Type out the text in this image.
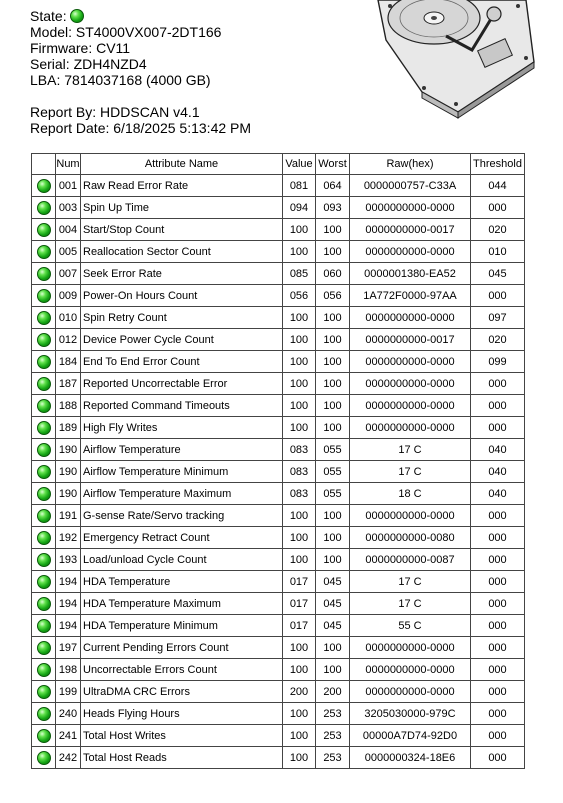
State:
Model: ST4000VX007-2DT166
Firmware: CV11
Serial: ZDH4NZD4
LBA: 7814037168 (4000 GB)
Report By: HDDSCAN v4.1
Report Date: 6/18/2025 5:13:42 PM
	Num	Attribute Name	Value	Worst	Raw(hex)	Threshold
	001	Raw Read Error Rate	081	064	0000000757-C33A	044
	003	Spin Up Time	094	093	0000000000-0000	000
	004	Start/Stop Count	100	100	0000000000-0017	020
	005	Reallocation Sector Count	100	100	0000000000-0000	010
	007	Seek Error Rate	085	060	0000001380-EA52	045
	009	Power-On Hours Count	056	056	1A772F0000-97AA	000
	010	Spin Retry Count	100	100	0000000000-0000	097
	012	Device Power Cycle Count	100	100	0000000000-0017	020
	184	End To End Error Count	100	100	0000000000-0000	099
	187	Reported Uncorrectable Error	100	100	0000000000-0000	000
	188	Reported Command Timeouts	100	100	0000000000-0000	000
	189	High Fly Writes	100	100	0000000000-0000	000
	190	Airflow Temperature	083	055	17 C	040
	190	Airflow Temperature Minimum	083	055	17 C	040
	190	Airflow Temperature Maximum	083	055	18 C	040
	191	G-sense Rate/Servo tracking	100	100	0000000000-0000	000
	192	Emergency Retract Count	100	100	0000000000-0080	000
	193	Load/unload Cycle Count	100	100	0000000000-0087	000
	194	HDA Temperature	017	045	17 C	000
	194	HDA Temperature Maximum	017	045	17 C	000
	194	HDA Temperature Minimum	017	045	55 C	000
	197	Current Pending Errors Count	100	100	0000000000-0000	000
	198	Uncorrectable Errors Count	100	100	0000000000-0000	000
	199	UltraDMA CRC Errors	200	200	0000000000-0000	000
	240	Heads Flying Hours	100	253	3205030000-979C	000
	241	Total Host Writes	100	253	00000A7D74-92D0	000
	242	Total Host Reads	100	253	0000000324-18E6	000
